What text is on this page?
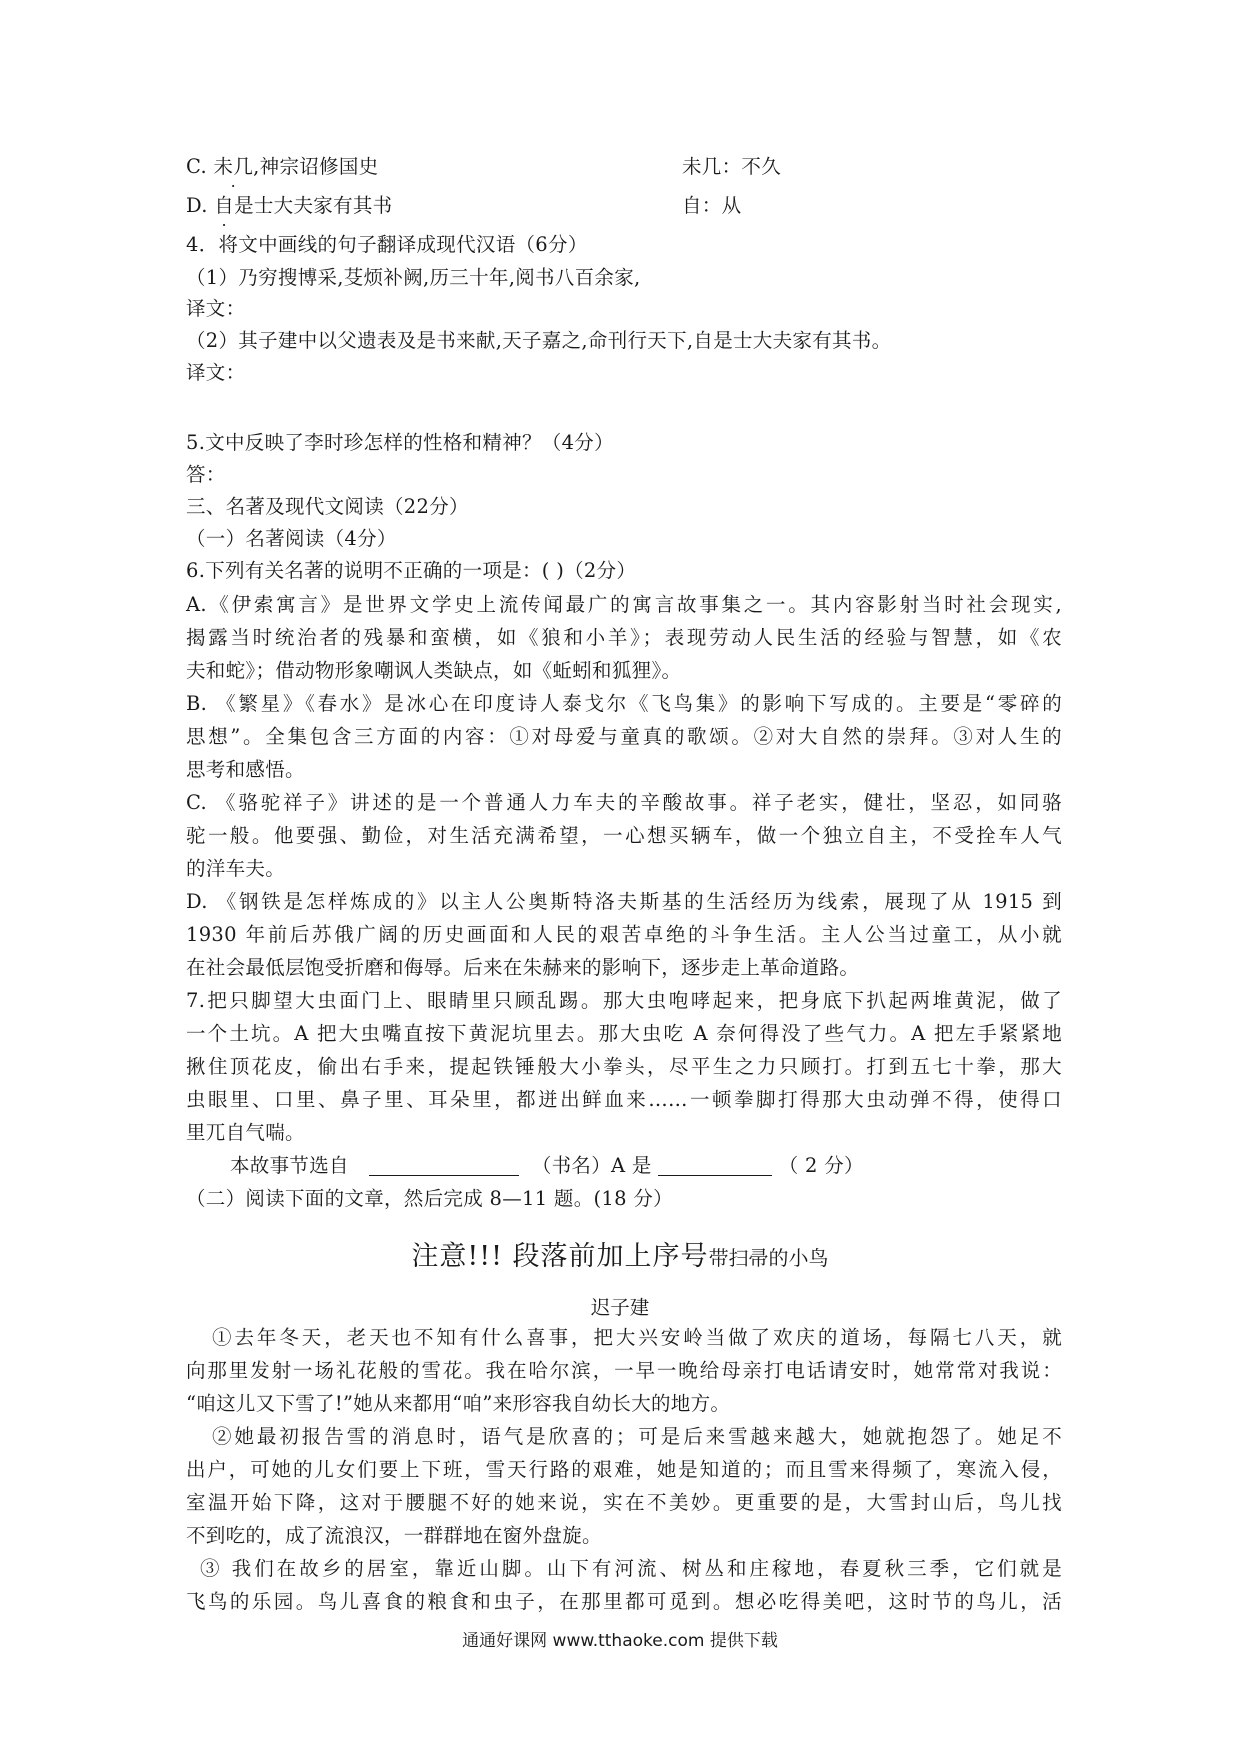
C. 未几,神宗诏修国史	未几：不久
D. 自是士大夫家有其书	自：从
4．将文中画线的句子翻译成现代汉语（6分）
（1）乃穷搜博采,芟烦补阙,历三十年,阅书八百余家,
译文：
（2）其子建中以父遗表及是书来献,天子嘉之,命刊行天下,自是士大夫家有其书。
译文：
5.文中反映了李时珍怎样的性格和精神？（4分）
答：
三、名著及现代文阅读（22分）
（一）名著阅读（4分）
6.下列有关名著的说明不正确的一项是：( )（2分）
A.《伊索寓言》是世界文学史上流传闻最广的寓言故事集之一。其内容影射当时社会现实,
揭露当时统治者的残暴和蛮横，如《狼和小羊》；表现劳动人民生活的经验与智慧，如《农
夫和蛇》；借动物形象嘲讽人类缺点，如《蚯蚓和狐狸》。
B. 《繁星》《春水》是冰心在印度诗人泰戈尔《飞鸟集》的影响下写成的。主要是“零碎的
思想”。全集包含三方面的内容：①对母爱与童真的歌颂。②对大自然的崇拜。③对人生的
思考和感悟。
C. 《骆驼祥子》讲述的是一个普通人力车夫的辛酸故事。祥子老实，健壮，坚忍，如同骆
驼一般。他要强、勤俭，对生活充满希望，一心想买辆车，做一个独立自主，不受拴车人气
的洋车夫。
D. 《钢铁是怎样炼成的》以主人公奥斯特洛夫斯基的生活经历为线索，展现了从 1915 到
1930 年前后苏俄广阔的历史画面和人民的艰苦卓绝的斗争生活。主人公当过童工，从小就
在社会最低层饱受折磨和侮辱。后来在朱赫来的影响下，逐步走上革命道路。
7.把只脚望大虫面门上、眼睛里只顾乱踢。那大虫咆哮起来，把身底下扒起两堆黄泥，做了
一个土坑。A 把大虫嘴直按下黄泥坑里去。那大虫吃 A 奈何得没了些气力。A 把左手紧紧地
揪住顶花皮，偷出右手来，提起铁锤般大小拳头，尽平生之力只顾打。打到五七十拳，那大
虫眼里、口里、鼻子里、耳朵里，都迸出鲜血来……一顿拳脚打得那大虫动弹不得，使得口
里兀自气喘。
本故事节选自	（书名）A 是	（ 2 分）
（二）阅读下面的文章，然后完成 8—11 题。(18 分）
注意!!! 段落前加上序号带扫帚的小鸟
迟子建
①去年冬天，老天也不知有什么喜事，把大兴安岭当做了欢庆的道场，每隔七八天，就
向那里发射一场礼花般的雪花。我在哈尔滨，一早一晚给母亲打电话请安时，她常常对我说：
“咱这儿又下雪了!”她从来都用“咱”来形容我自幼长大的地方。
②她最初报告雪的消息时，语气是欣喜的；可是后来雪越来越大，她就抱怨了。她足不
出户，可她的儿女们要上下班，雪天行路的艰难，她是知道的；而且雪来得频了，寒流入侵，
室温开始下降，这对于腰腿不好的她来说，实在不美妙。更重要的是，大雪封山后，鸟儿找
不到吃的，成了流浪汉，一群群地在窗外盘旋。
③ 我们在故乡的居室，靠近山脚。山下有河流、树丛和庄稼地，春夏秋三季，它们就是
飞鸟的乐园。鸟儿喜食的粮食和虫子，在那里都可觅到。想必吃得美吧，这时节的鸟儿，活
通通好课网 www.tthaoke.com 提供下载
